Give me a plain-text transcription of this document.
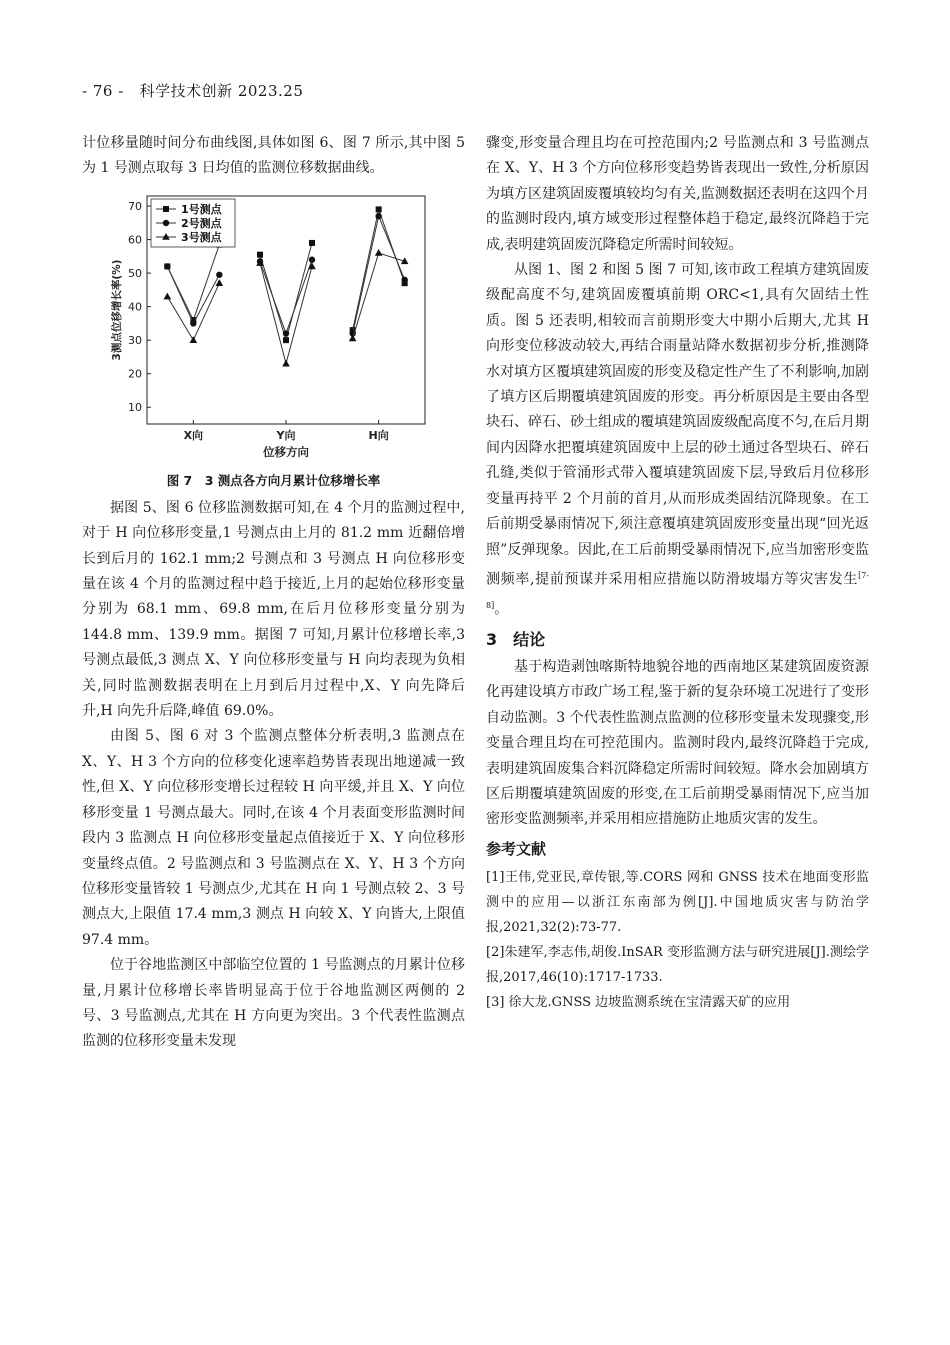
- 76 - 科学技术创新 2023.25

计位移量随时间分布曲线图,具体如图 6、图 7 所示,其中图 5 为 1 号测点取每 3 日均值的监测位移数据曲线。

10
20
30
40
50
60
70
X向	Y向	H向
位移方向
3测点位移增长率(%)
1号测点
2号测点
3号测点
图 7　3 测点各方向月累计位移增长率

据图 5、图 6 位移监测数据可知,在 4 个月的监测过程中,对于 H 向位移形变量,1 号测点由上月的 81.2 mm 近翻倍增长到后月的 162.1 mm;2 号测点和 3 号测点 H 向位移形变量在该 4 个月的监测过程中趋于接近,上月的起始位移形变量分别为 68.1 mm、69.8 mm,在后月位移形变量分别为 144.8 mm、139.9 mm。据图 7 可知,月累计位移增长率,3 号测点最低,3 测点 X、Y 向位移形变量与 H 向均表现为负相关,同时监测数据表明在上月到后月过程中,X、Y 向先降后升,H 向先升后降,峰值 69.0%。

由图 5、图 6 对 3 个监测点整体分析表明,3 监测点在 X、Y、H 3 个方向的位移变化速率趋势皆表现出地递减一致性,但 X、Y 向位移形变增长过程较 H 向平缓,并且 X、Y 向位移形变量 1 号测点最大。同时,在该 4 个月表面变形监测时间段内 3 监测点 H 向位移形变量起点值接近于 X、Y 向位移形变量终点值。2 号监测点和 3 号监测点在 X、Y、H 3 个方向位移形变量皆较 1 号测点少,尤其在 H 向 1 号测点较 2、3 号测点大,上限值 17.4 mm,3 测点 H 向较 X、Y 向皆大,上限值 97.4 mm。

位于谷地监测区中部临空位置的 1 号监测点的月累计位移量,月累计位移增长率皆明显高于位于谷地监测区两侧的 2 号、3 号监测点,尤其在 H 方向更为突出。3 个代表性监测点监测的位移形变量未发现

骤变,形变量合理且均在可控范围内;2 号监测点和 3 号监测点在 X、Y、H 3 个方向位移形变趋势皆表现出一致性,分析原因为填方区建筑固废覆填较均匀有关,监测数据还表明在这四个月的监测时段内,填方域变形过程整体趋于稳定,最终沉降趋于完成,表明建筑固废沉降稳定所需时间较短。

从图 1、图 2 和图 5 图 7 可知,该市政工程填方建筑固废级配高度不匀,建筑固废覆填前期 ORC<1,具有欠固结土性质。图 5 还表明,相较而言前期形变大中期小后期大,尤其 H 向形变位移波动较大,再结合雨量站降水数据初步分析,推测降水对填方区覆填建筑固废的形变及稳定性产生了不利影响,加剧了填方区后期覆填建筑固废的形变。再分析原因是主要由各型块石、碎石、砂土组成的覆填建筑固废级配高度不匀,在后月期间内因降水把覆填建筑固废中上层的砂土通过各型块石、碎石孔缝,类似于管涌形式带入覆填建筑固废下层,导致后月位移形变量再持平 2 个月前的首月,从而形成类固结沉降现象。在工后前期受暴雨情况下,须注意覆填建筑固废形变量出现“回光返照”反弹现象。因此,在工后前期受暴雨情况下,应当加密形变监测频率,提前预谋并采用相应措施以防滑坡塌方等灾害发生[7-8]。

3　结论

基于构造剥蚀喀斯特地貌谷地的西南地区某建筑固废资源化再建设填方市政广场工程,鉴于新的复杂环境工况进行了变形自动监测。3 个代表性监测点监测的位移形变量未发现骤变,形变量合理且均在可控范围内。监测时段内,最终沉降趋于完成,表明建筑固废集合料沉降稳定所需时间较短。降水会加剧填方区后期覆填建筑固废的形变,在工后前期受暴雨情况下,应当加密形变监测频率,并采用相应措施防止地质灾害的发生。

参考文献

[1]王伟,党亚民,章传银,等.CORS 网和 GNSS 技术在地面变形监测中的应用—以浙江东南部为例[J].中国地质灾害与防治学报,2021,32(2):73-77.

[2]朱建军,李志伟,胡俊.InSAR 变形监测方法与研究进展[J].测绘学报,2017,46(10):1717-1733.

[3] 徐大龙.GNSS 边坡监测系统在宝清露天矿的应用
